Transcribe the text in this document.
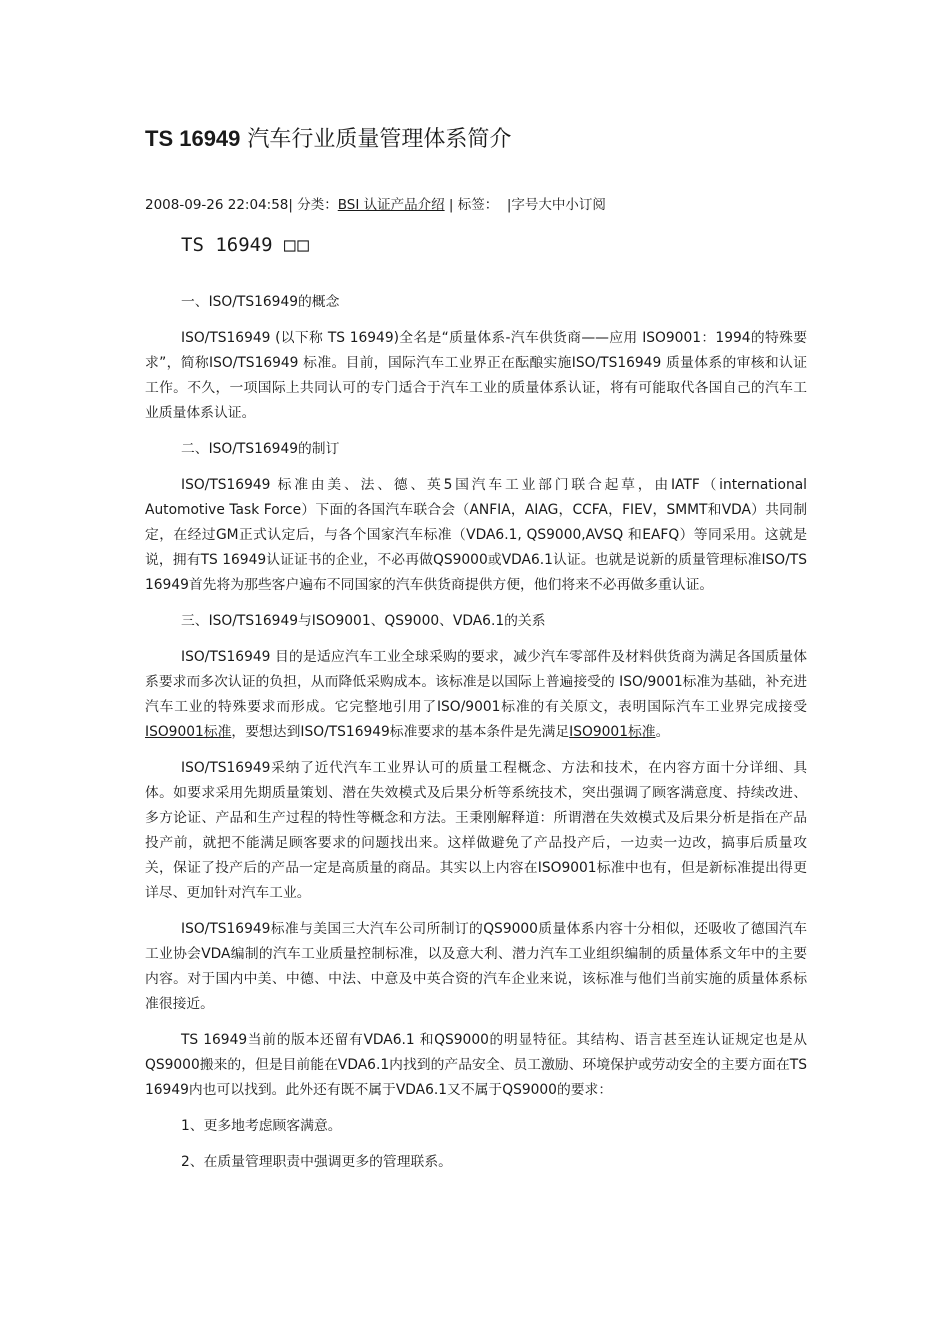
TS 16949 汽车行业质量管理体系简介
2008-09-26 22:04:58| 分类：BSI 认证产品介绍 | 标签： |字号大中小订阅
TS 16949 □□

一、ISO/TS16949的概念

ISO/TS16949 (以下称 TS 16949)全名是“质量体系-汽车供货商——应用 ISO9001：1994的特殊要求”，简称ISO/TS16949 标准。目前，国际汽车工业界正在酝酿实施ISO/TS16949 质量体系的审核和认证工作。不久，一项国际上共同认可的专门适合于汽车工业的质量体系认证，将有可能取代各国自己的汽车工业质量体系认证。

二、ISO/TS16949的制订

ISO/TS16949 标准由美、法、德、英5国汽车工业部门联合起草，由IATF（international Automotive Task Force）下面的各国汽车联合会（ANFIA，AIAG，CCFA，FIEV，SMMT和VDA）共同制定，在经过GM正式认定后，与各个国家汽车标准（VDA6.1, QS9000,AVSQ 和EAFQ）等同采用。这就是说，拥有TS 16949认证证书的企业，不必再做QS9000或VDA6.1认证。也就是说新的质量管理标准ISO/TS 16949首先将为那些客户遍布不同国家的汽车供货商提供方便，他们将来不必再做多重认证。

三、ISO/TS16949与ISO9001、QS9000、VDA6.1的关系

ISO/TS16949 目的是适应汽车工业全球采购的要求，减少汽车零部件及材料供货商为满足各国质量体系要求而多次认证的负担，从而降低采购成本。该标准是以国际上普遍接受的 ISO/9001标准为基础，补充进汽车工业的特殊要求而形成。它完整地引用了ISO/9001标准的有关原文，表明国际汽车工业界完成接受ISO9001标准，要想达到ISO/TS16949标准要求的基本条件是先满足ISO9001标准。

ISO/TS16949采纳了近代汽车工业界认可的质量工程概念、方法和技术，在内容方面十分详细、具体。如要求采用先期质量策划、潜在失效模式及后果分析等系统技术，突出强调了顾客满意度、持续改进、多方论证、产品和生产过程的特性等概念和方法。王秉刚解释道：所谓潜在失效模式及后果分析是指在产品投产前，就把不能满足顾客要求的问题找出来。这样做避免了产品投产后，一边卖一边改，搞事后质量攻关，保证了投产后的产品一定是高质量的商品。其实以上内容在ISO9001标准中也有，但是新标准提出得更详尽、更加针对汽车工业。

ISO/TS16949标准与美国三大汽车公司所制订的QS9000质量体系内容十分相似，还吸收了德国汽车工业协会VDA编制的汽车工业质量控制标准，以及意大利、潜力汽车工业组织编制的质量体系文年中的主要内容。对于国内中美、中德、中法、中意及中英合资的汽车企业来说，该标准与他们当前实施的质量体系标准很接近。

TS 16949当前的版本还留有VDA6.1 和QS9000的明显特征。其结构、语言甚至连认证规定也是从QS9000搬来的，但是目前能在VDA6.1内找到的产品安全、员工激励、环境保护或劳动安全的主要方面在TS 16949内也可以找到。此外还有既不属于VDA6.1又不属于QS9000的要求：

1、更多地考虑顾客满意。

2、在质量管理职责中强调更多的管理联系。
